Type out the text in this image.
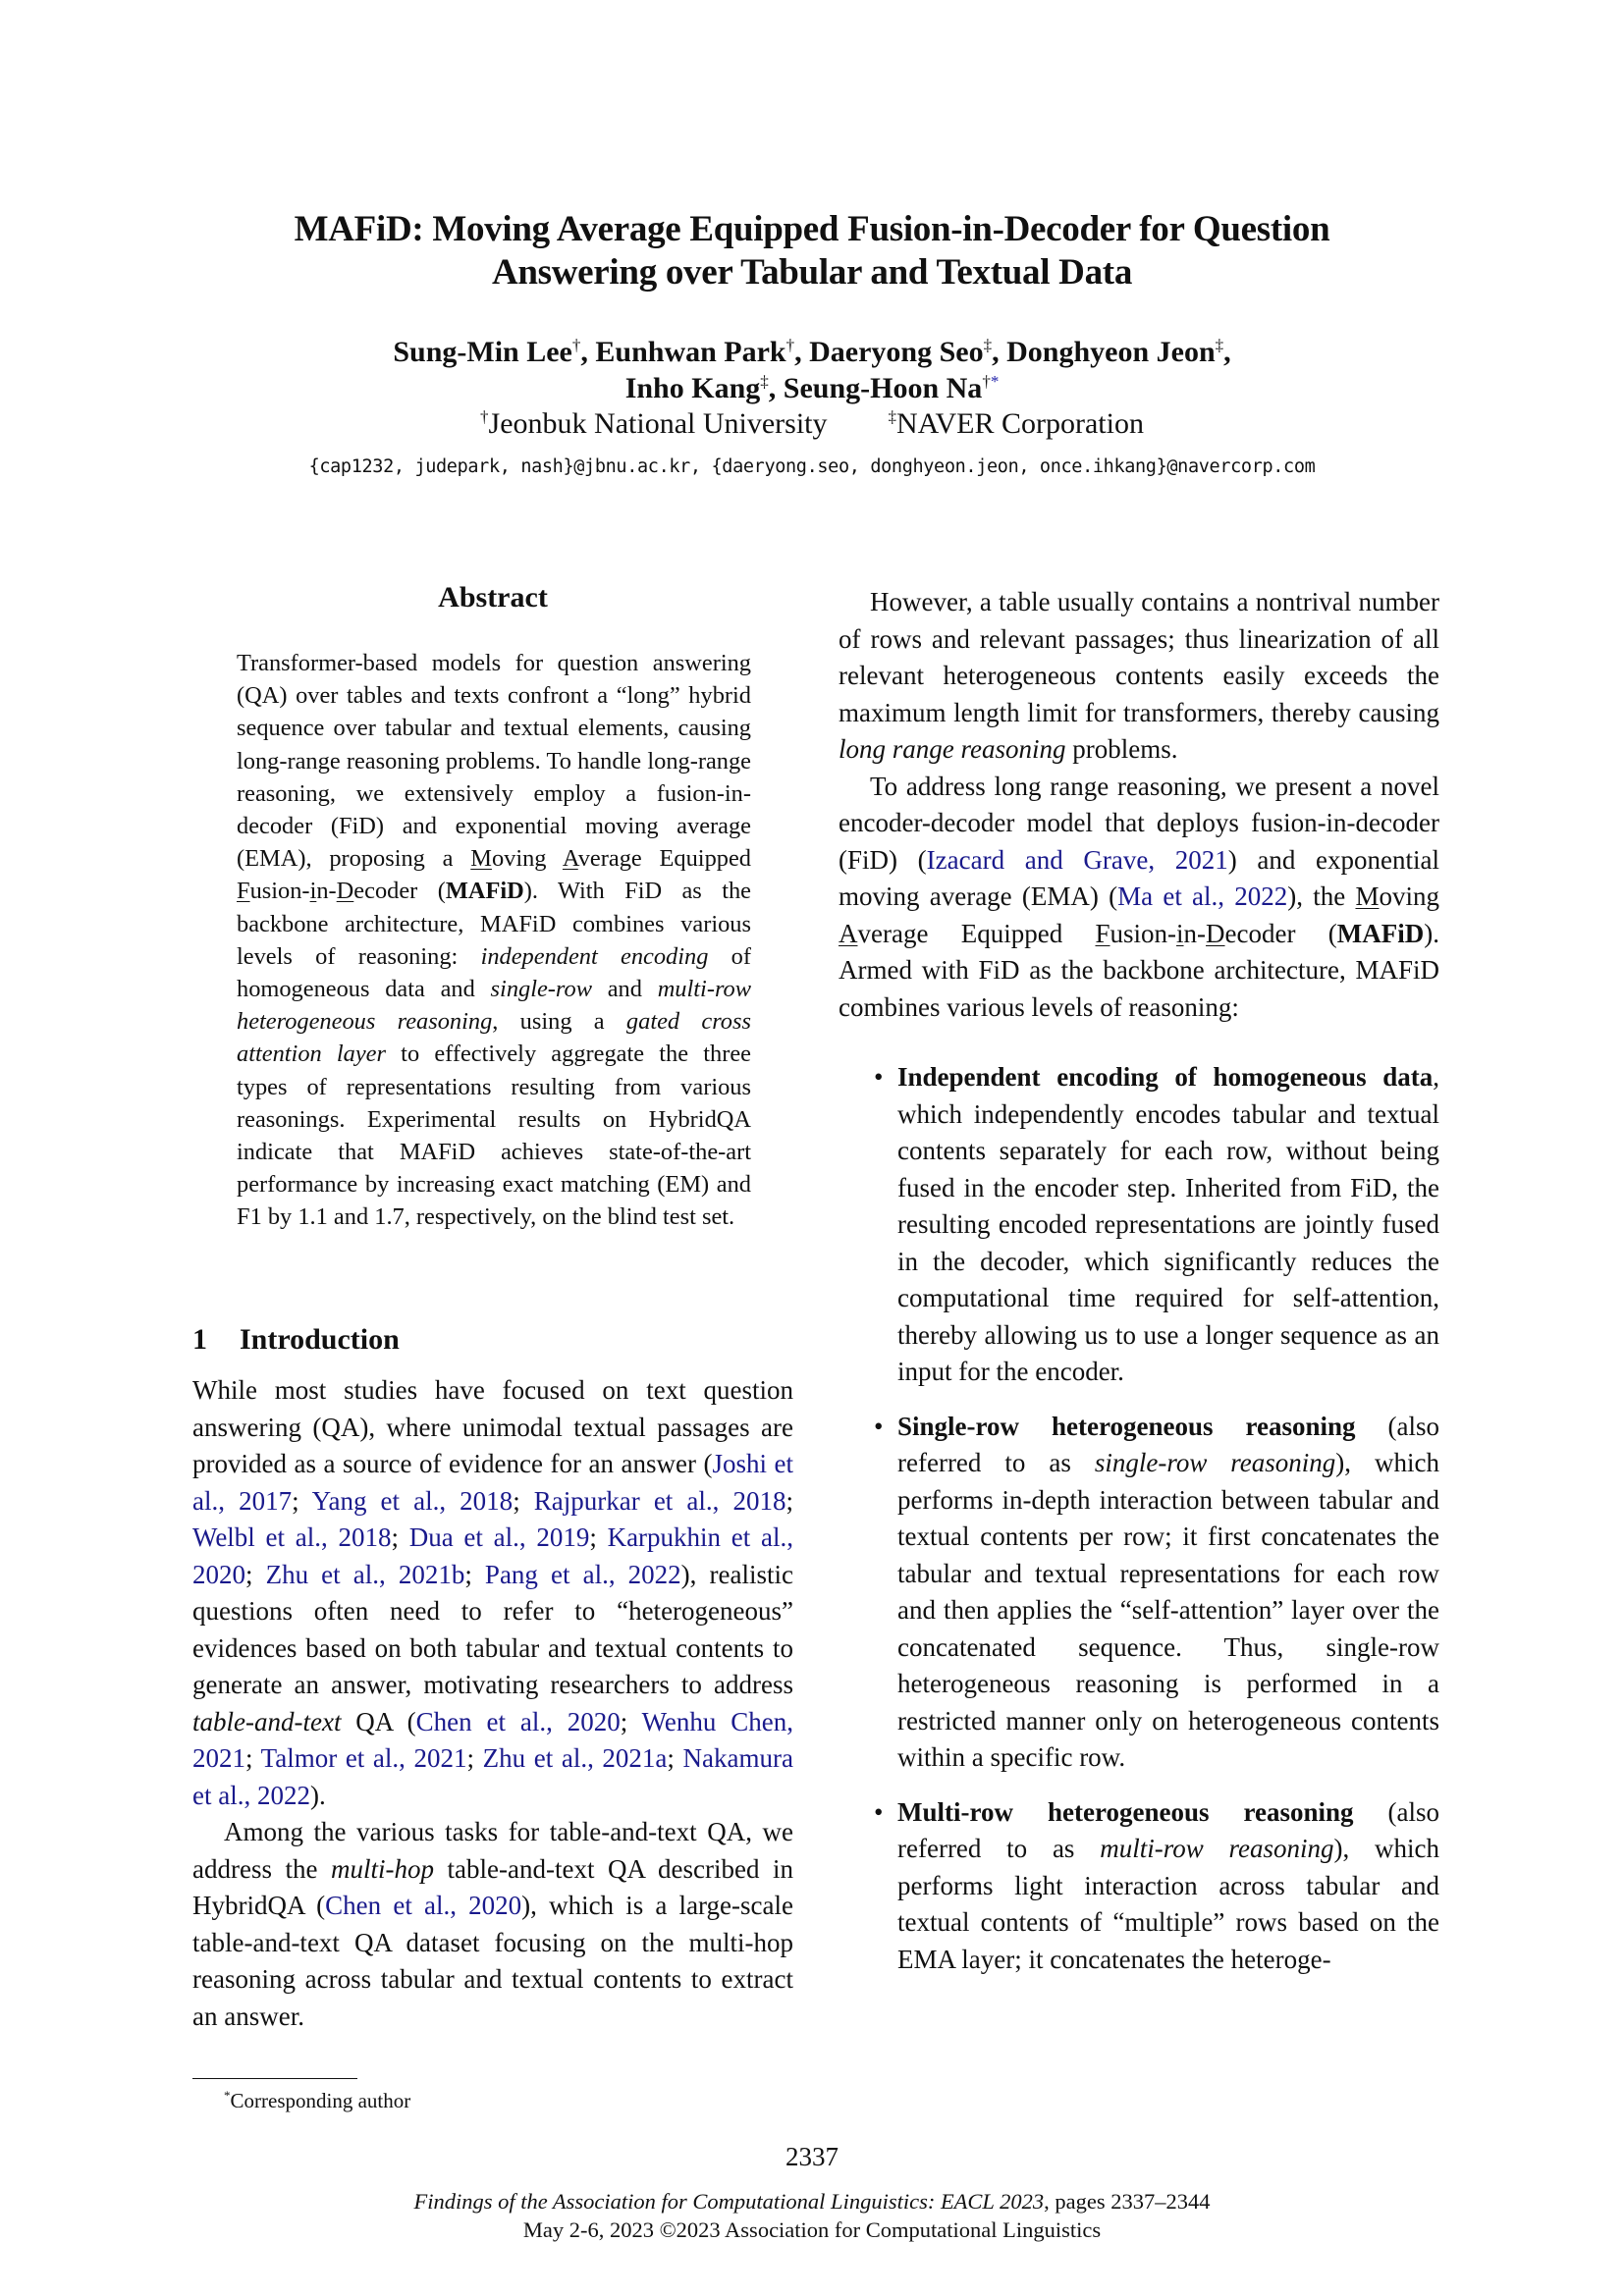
MAFiD: Moving Average Equipped Fusion-in-Decoder for Question
Answering over Tabular and Textual Data
Sung-Min Lee†, Eunhwan Park†, Daeryong Seo‡, Donghyeon Jeon‡,
Inho Kang‡, Seung-Hoon Na†*
†Jeonbuk National University	‡NAVER Corporation
{cap1232, judepark, nash}@jbnu.ac.kr, {daeryong.seo, donghyeon.jeon, once.ihkang}@navercorp.com
Abstract

Transformer-based models for question answering (QA) over tables and texts confront a “long” hybrid sequence over tabular and textual elements, causing long-range reasoning problems. To handle long-range reasoning, we extensively employ a fusion-in-decoder (FiD) and exponential moving average (EMA), proposing a Moving Average Equipped Fusion-in-Decoder (MAFiD). With FiD as the backbone architecture, MAFiD combines various levels of reasoning: independent encoding of homogeneous data and single-row and multi-row heterogeneous reasoning, using a gated cross attention layer to effectively aggregate the three types of representations resulting from various reasonings. Experimental results on HybridQA indicate that MAFiD achieves state-of-the-art performance by increasing exact matching (EM) and F1 by 1.1 and 1.7, respectively, on the blind test set.

1 Introduction

While most studies have focused on text question answering (QA), where unimodal textual passages are provided as a source of evidence for an answer (Joshi et al., 2017; Yang et al., 2018; Rajpurkar et al., 2018; Welbl et al., 2018; Dua et al., 2019; Karpukhin et al., 2020; Zhu et al., 2021b; Pang et al., 2022), realistic questions often need to refer to “heterogeneous” evidences based on both tabular and textual contents to generate an answer, motivating researchers to address table-and-text QA (Chen et al., 2020; Wenhu Chen, 2021; Talmor et al., 2021; Zhu et al., 2021a; Nakamura et al., 2022).

Among the various tasks for table-and-text QA, we address the multi-hop table-and-text QA described in HybridQA (Chen et al., 2020), which is a large-scale table-and-text QA dataset focusing on the multi-hop reasoning across tabular and textual contents to extract an answer.

However, a table usually contains a nontrival number of rows and relevant passages; thus linearization of all relevant heterogeneous contents easily exceeds the maximum length limit for transformers, thereby causing long range reasoning problems.

To address long range reasoning, we present a novel encoder-decoder model that deploys fusion-in-decoder (FiD) (Izacard and Grave, 2021) and exponential moving average (EMA) (Ma et al., 2022), the Moving Average Equipped Fusion-in-Decoder (MAFiD). Armed with FiD as the backbone architecture, MAFiD combines various levels of reasoning:

• Independent encoding of homogeneous data, which independently encodes tabular and textual contents separately for each row, without being fused in the encoder step. Inherited from FiD, the resulting encoded representations are jointly fused in the decoder, which significantly reduces the computational time required for self-attention, thereby allowing us to use a longer sequence as an input for the encoder.
• Single-row heterogeneous reasoning (also referred to as single-row reasoning), which performs in-depth interaction between tabular and textual contents per row; it first concatenates the tabular and textual representations for each row and then applies the “self-attention” layer over the concatenated sequence. Thus, single-row heterogeneous reasoning is performed in a restricted manner only on heterogeneous contents within a specific row.
• Multi-row heterogeneous reasoning (also referred to as multi-row reasoning), which performs light interaction across tabular and textual contents of “multiple” rows based on the EMA layer; it concatenates the heteroge-
*Corresponding author
2337
Findings of the Association for Computational Linguistics: EACL 2023, pages 2337–2344
May 2-6, 2023 ©2023 Association for Computational Linguistics
